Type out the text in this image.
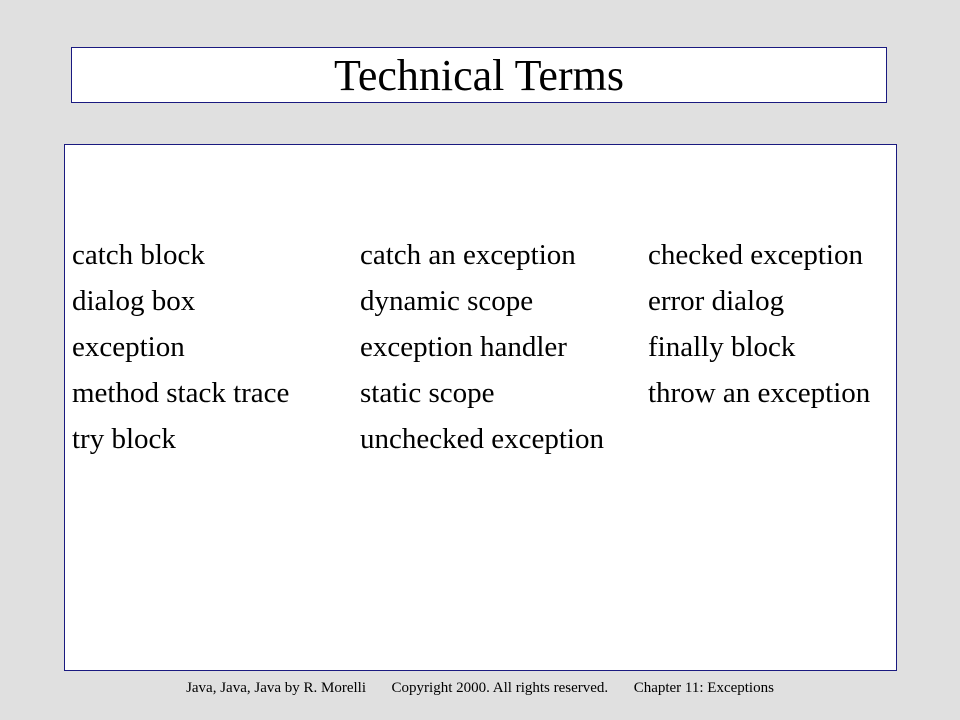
Technical Terms
catch block	catch an exception	checked exception
dialog box	dynamic scope	error dialog
exception	exception handler	finally block
method stack trace	static scope	throw an exception
try block	unchecked exception
Java, Java, Java by R. Morelli Copyright 2000. All rights reserved. Chapter 11: Exceptions
